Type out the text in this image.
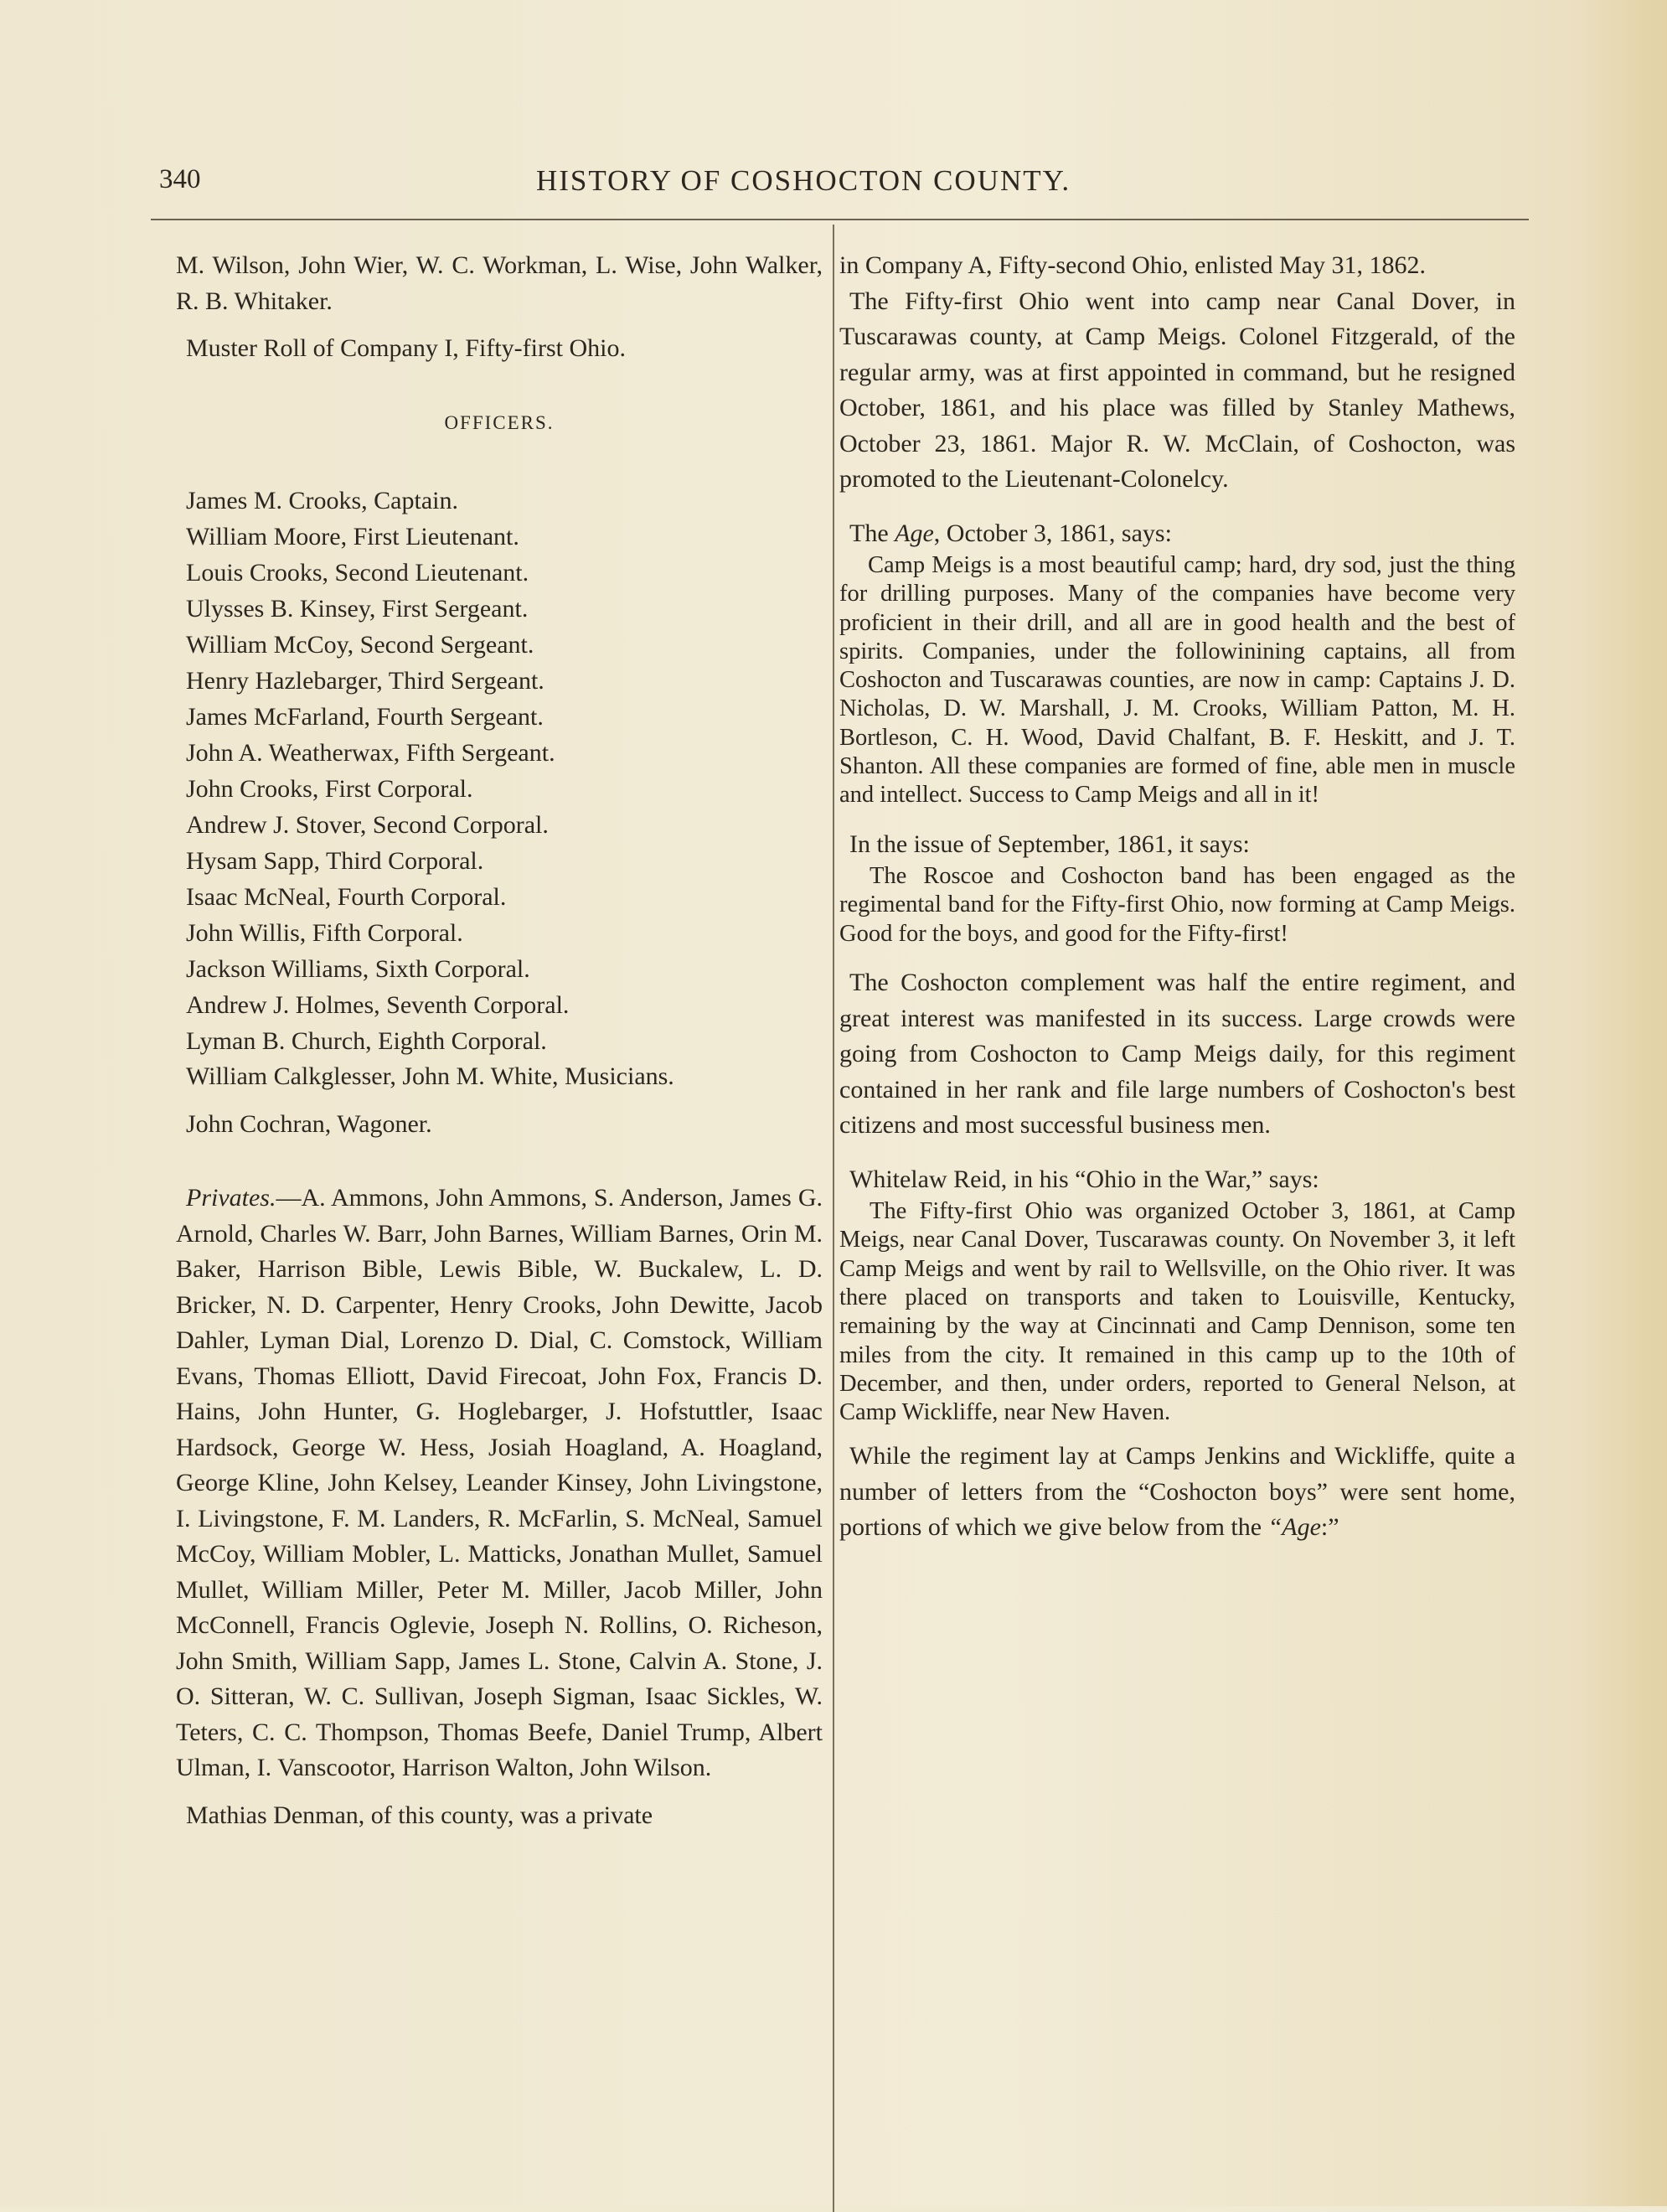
340	HISTORY OF COSHOCTON COUNTY.

M. Wilson, John Wier, W. C. Workman, L. Wise, John Walker, R. B. Whitaker.

Muster Roll of Company I, Fifty-first Ohio.

OFFICERS.

James M. Crooks, Captain.

William Moore, First Lieutenant.

Louis Crooks, Second Lieutenant.

Ulysses B. Kinsey, First Sergeant.

William McCoy, Second Sergeant.

Henry Hazlebarger, Third Sergeant.

James McFarland, Fourth Sergeant.

John A. Weatherwax, Fifth Sergeant.

John Crooks, First Corporal.

Andrew J. Stover, Second Corporal.

Hysam Sapp, Third Corporal.

Isaac McNeal, Fourth Corporal.

John Willis, Fifth Corporal.

Jackson Williams, Sixth Corporal.

Andrew J. Holmes, Seventh Corporal.

Lyman B. Church, Eighth Corporal.

William Calkglesser, John M. White, Musicians.

John Cochran, Wagoner.

Privates.—A. Ammons, John Ammons, S. Anderson, James G. Arnold, Charles W. Barr, John Barnes, William Barnes, Orin M. Baker, Harrison Bible, Lewis Bible, W. Buckalew, L. D. Bricker, N. D. Carpenter, Henry Crooks, John Dewitte, Jacob Dahler, Lyman Dial, Lorenzo D. Dial, C. Comstock, William Evans, Thomas Elliott, David Firecoat, John Fox, Francis D. Hains, John Hunter, G. Hoglebarger, J. Hofstuttler, Isaac Hardsock, George W. Hess, Josiah Hoagland, A. Hoagland, George Kline, John Kelsey, Leander Kinsey, John Livingstone, I. Livingstone, F. M. Landers, R. McFarlin, S. McNeal, Samuel McCoy, William Mobler, L. Matticks, Jonathan Mullet, Samuel Mullet, William Miller, Peter M. Miller, Jacob Miller, John McConnell, Francis Oglevie, Joseph N. Rollins, O. Richeson, John Smith, William Sapp, James L. Stone, Calvin A. Stone, J. O. Sitteran, W. C. Sullivan, Joseph Sigman, Isaac Sickles, W. Teters, C. C. Thompson, Thomas Beefe, Daniel Trump, Albert Ulman, I. Vanscootor, Harrison Walton, John Wilson.

Mathias Denman, of this county, was a private

in Company A, Fifty-second Ohio, enlisted May 31, 1862.

The Fifty-first Ohio went into camp near Canal Dover, in Tuscarawas county, at Camp Meigs. Colonel Fitzgerald, of the regular army, was at first appointed in command, but he resigned October, 1861, and his place was filled by Stanley Mathews, October 23, 1861. Major R. W. McClain, of Coshocton, was promoted to the Lieutenant-Colonelcy.

The Age, October 3, 1861, says:

Camp Meigs is a most beautiful camp; hard, dry sod, just the thing for drilling purposes. Many of the companies have become very proficient in their drill, and all are in good health and the best of spirits. Companies, under the followinining captains, all from Coshocton and Tuscarawas counties, are now in camp: Captains J. D. Nicholas, D. W. Marshall, J. M. Crooks, William Patton, M. H. Bortleson, C. H. Wood, David Chalfant, B. F. Heskitt, and J. T. Shanton. All these companies are formed of fine, able men in muscle and intellect. Success to Camp Meigs and all in it!

In the issue of September, 1861, it says:

The Roscoe and Coshocton band has been engaged as the regimental band for the Fifty-first Ohio, now forming at Camp Meigs. Good for the boys, and good for the Fifty-first!

The Coshocton complement was half the entire regiment, and great interest was manifested in its success. Large crowds were going from Coshocton to Camp Meigs daily, for this regiment contained in her rank and file large numbers of Coshocton's best citizens and most successful business men.

Whitelaw Reid, in his “Ohio in the War,” says:

The Fifty-first Ohio was organized October 3, 1861, at Camp Meigs, near Canal Dover, Tuscarawas county. On November 3, it left Camp Meigs and went by rail to Wellsville, on the Ohio river. It was there placed on transports and taken to Louisville, Kentucky, remaining by the way at Cincinnati and Camp Dennison, some ten miles from the city. It remained in this camp up to the 10th of December, and then, under orders, reported to General Nelson, at Camp Wickliffe, near New Haven.

While the regiment lay at Camps Jenkins and Wickliffe, quite a number of letters from the “Coshocton boys” were sent home, portions of which we give below from the “Age:”
